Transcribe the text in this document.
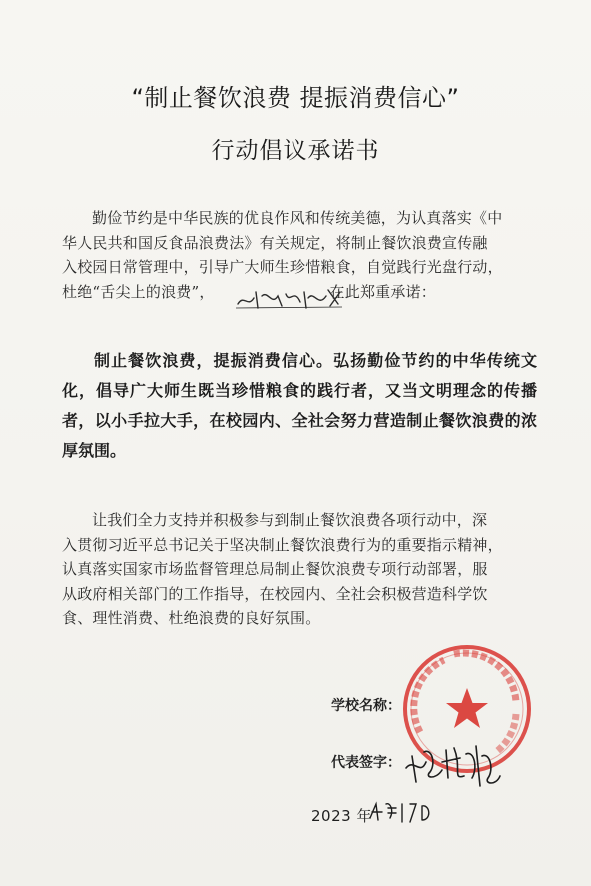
“制止餐饮浪费 提振消费信心”
行动倡议承诺书

勤俭节约是中华民族的优良作风和传统美德，为认真落实《中

华人民共和国反食品浪费法》有关规定，将制止餐饮浪费宣传融

入校园日常管理中，引导广大师生珍惜粮食，自觉践行光盘行动，

杜绝“舌尖上的浪费”，	在此郑重承诺：

制止餐饮浪费，提振消费信心。弘扬勤俭节约的中华传统文化，倡导广大师生既当珍惜粮食的践行者，又当文明理念的传播者，以小手拉大手，在校园内、全社会努力营造制止餐饮浪费的浓厚氛围。

让我们全力支持并积极参与到制止餐饮浪费各项行动中，深

入贯彻习近平总书记关于坚决制止餐饮浪费行为的重要指示精神，

认真落实国家市场监督管理总局制止餐饮浪费专项行动部署，服

从政府相关部门的工作指导，在校园内、全社会积极营造科学饮

食、理性消费、杜绝浪费的良好氛围。

学校名称：
代表签字：
2023 年
